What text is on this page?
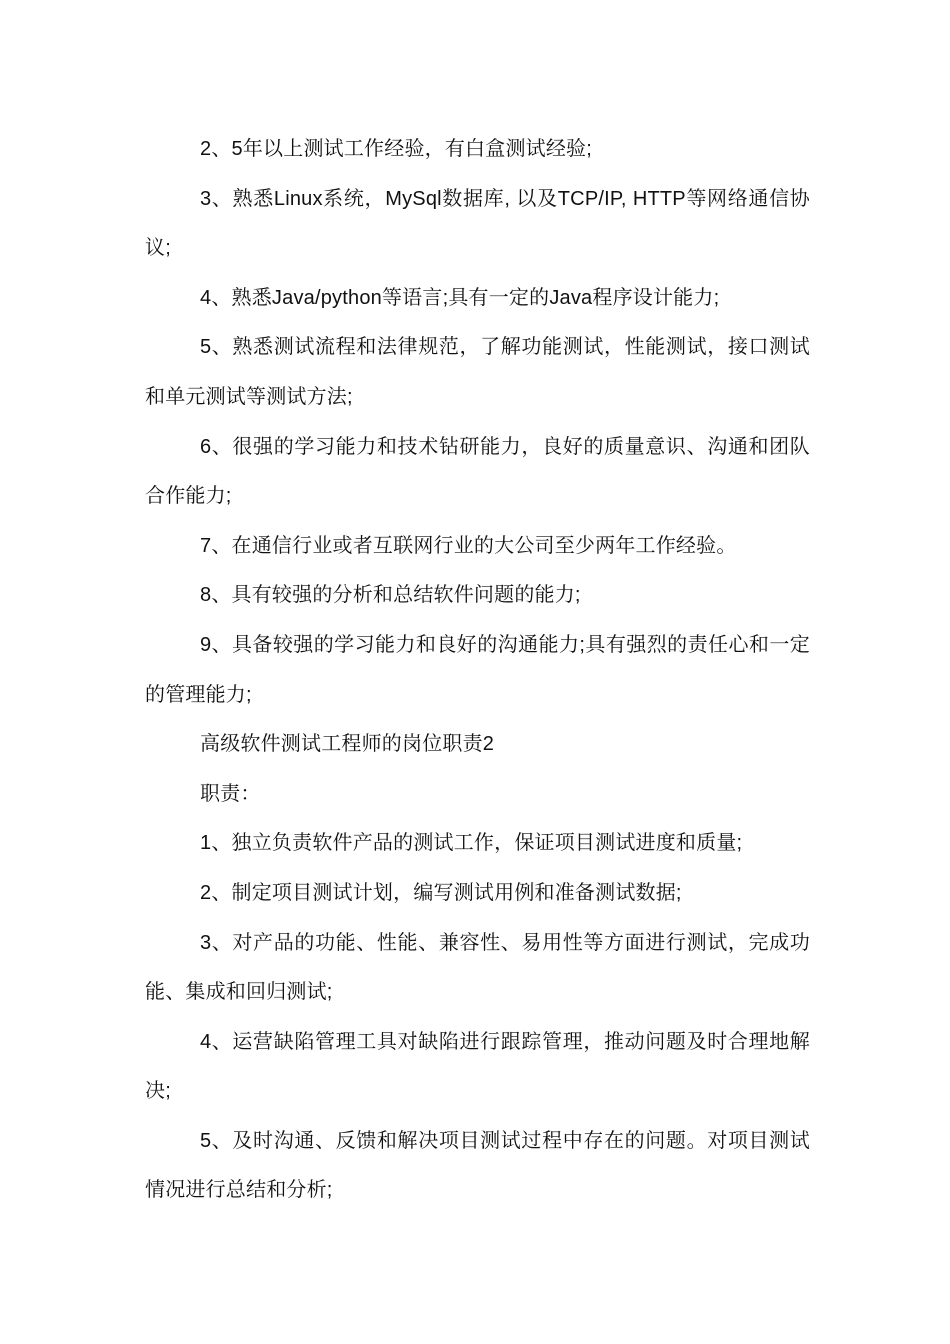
2、5年以上测试工作经验，有白盒测试经验;

3、熟悉Linux系统，MySql数据库, 以及TCP/IP, HTTP等网络通信协议;

4、熟悉Java/python等语言;具有一定的Java程序设计能力;

5、熟悉测试流程和法律规范，了解功能测试，性能测试，接口测试和单元测试等测试方法;

6、很强的学习能力和技术钻研能力，良好的质量意识、沟通和团队合作能力;

7、在通信行业或者互联网行业的大公司至少两年工作经验。

8、具有较强的分析和总结软件问题的能力;

9、具备较强的学习能力和良好的沟通能力;具有强烈的责任心和一定的管理能力;

高级软件测试工程师的岗位职责2

职责：

1、独立负责软件产品的测试工作，保证项目测试进度和质量;

2、制定项目测试计划，编写测试用例和准备测试数据;

3、对产品的功能、性能、兼容性、易用性等方面进行测试，完成功能、集成和回归测试;

4、运营缺陷管理工具对缺陷进行跟踪管理，推动问题及时合理地解决;

5、及时沟通、反馈和解决项目测试过程中存在的问题。对项目测试情况进行总结和分析;
